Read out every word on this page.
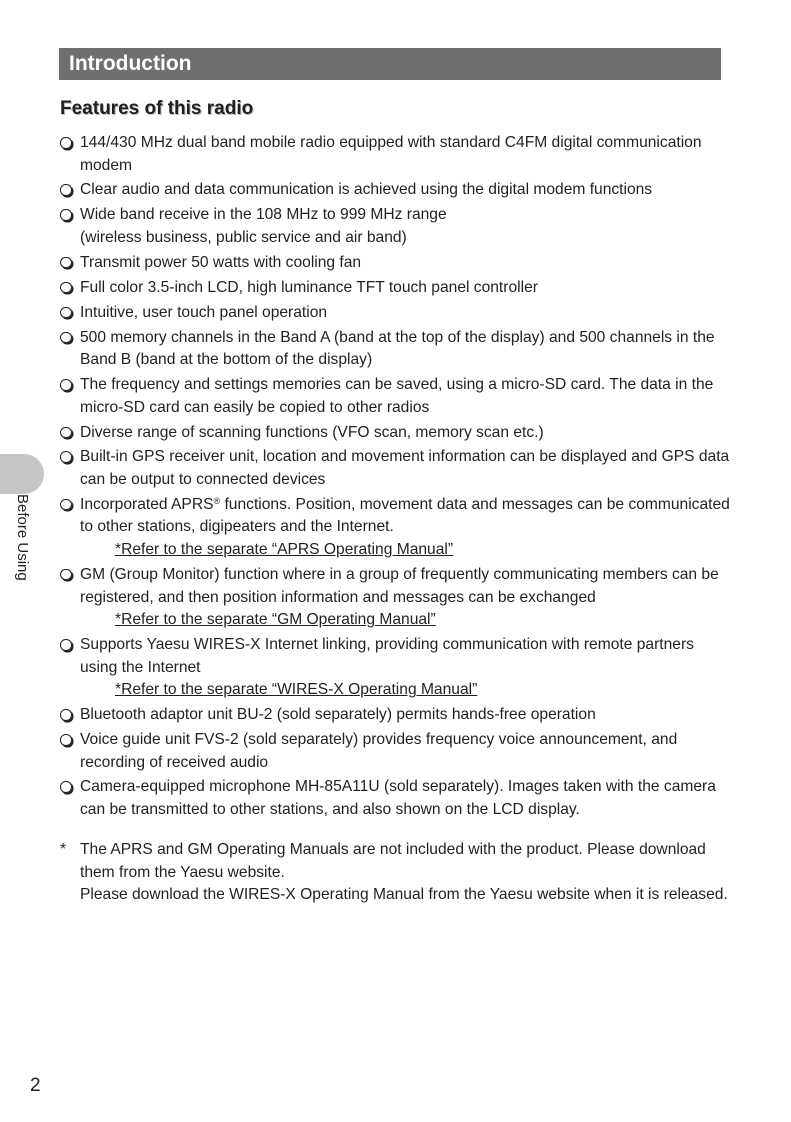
Introduction
Features of this radio
144/430 MHz dual band mobile radio equipped with standard C4FM digital communication modem
Clear audio and data communication is achieved using the digital modem functions
Wide band receive in the 108 MHz to 999 MHz range
(wireless business, public service and air band)
Transmit power 50 watts with cooling fan
Full color 3.5-inch LCD, high luminance TFT touch panel controller
Intuitive, user touch panel operation
500 memory channels in the Band A (band at the top of the display) and 500 channels in the Band B (band at the bottom of the display)
The frequency and settings memories can be saved, using a micro-SD card. The data in the micro-SD card can easily be copied to other radios
Diverse range of scanning functions (VFO scan, memory scan etc.)
Built-in GPS receiver unit, location and movement information can be displayed and GPS data can be output to connected devices
Incorporated APRS® functions. Position, movement data and messages can be communicated to other stations, digipeaters and the Internet.
*Refer to the separate “APRS Operating Manual”
GM (Group Monitor) function where in a group of frequently communicating members can be registered, and then position information and messages can be exchanged
*Refer to the separate “GM Operating Manual”
Supports Yaesu WIRES-X Internet linking, providing communication with remote partners using the Internet
*Refer to the separate “WIRES-X Operating Manual”
Bluetooth adaptor unit BU-2 (sold separately) permits hands-free operation
Voice guide unit FVS-2 (sold separately) provides frequency voice announcement, and recording of received audio
Camera-equipped microphone MH-85A11U (sold separately). Images taken with the camera can be transmitted to other stations, and also shown on the LCD display.
* The APRS and GM Operating Manuals are not included with the product. Please download them from the Yaesu website.

Please download the WIRES-X Operating Manual from the Yaesu website when it is released.

Before Using
2
